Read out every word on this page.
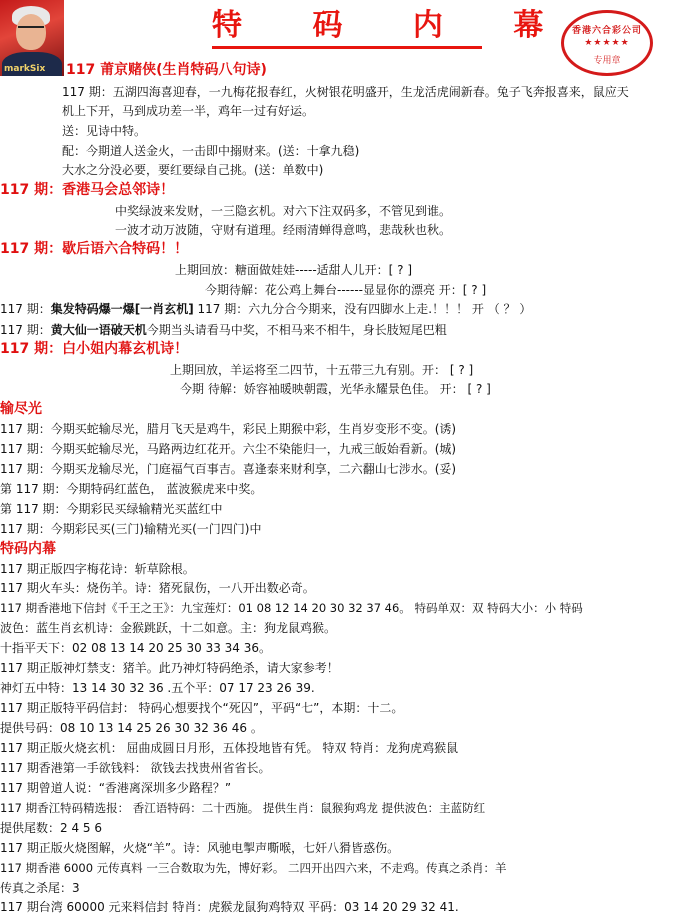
markSix
特 码 内 幕
香港六合彩公司
★★★★★
专用章
117 莆京赌侠(生肖特码八句诗)
117 期：五湖四海喜迎春，一九梅花报春红，火树银花明盛开，生龙活虎闹新春。兔子飞奔报喜来，鼠应天
机上下开，马到成功差一半，鸡年一过有好运。
送：见诗中特。
配：今期道人送金火，一击即中搦财来。(送：十拿九稳)
大水之分没必要，要红要绿自己挑。(送：单数中)
117 期：香港马会总邻诗！
中奖绿波来发财，一三隐玄机。对六下注双码多，不管见到谁。
一波才动万波随，守财有道理。经雨清蝉得意鸣，悲哉秋也秋。
117 期：歇后语六合特码！！
上期回放：糖面做娃娃-----适甜人儿开：[ ? ]
今期待解：花公鸡上舞台------显显你的漂亮 开：[ ? ]
117 期：集发特码爆一爆[一肖玄机] 117 期：六九分合今期来，没有四脚水上走.！！！ 开 （ ？ ）
117 期：黄大仙一语破天机今期当头请看马中奖，不相马来不相牛，身长肢短尾巴粗
117 期：白小姐内幕玄机诗！
上期回放，羊运将至二四节，十五带三九有别。开： [ ? ]
今期 待解：娇容袖暖映朝霞，光华永耀景色佳。 开： [ ? ]
输尽光
117 期：今期买蛇输尽光，腊月飞天是鸡牛，彩民上期猴中彩，生肖岁变形不变。(诱)
117 期：今期买蛇输尽光，马路两边红花开。六尘不染能归一，九戒三皈始看新。(城)
117 期：今期买龙输尽光，门庭福气百事吉。喜逢泰来财利享，二六翻山七涉水。(妥)
第 117 期：今期特码红蓝色， 蓝波猴虎来中奖。
第 117 期：今期彩民买绿输精光买蓝红中
117 期：今期彩民买(三门)输精光买(一门四门)中
特码内幕
117 期正版四字梅花诗：斩草除根。
117 期火车头：烧伤羊。诗：猪死鼠伤，一八开出数必奇。
117 期香港地下信封《千王之王》：九宝莲灯：01 08 12 14 20 30 32 37 46。 特码单双：双 特码大小：小 特码
波色：蓝生肖玄机诗：金猴跳跃，十二如意。主：狗龙鼠鸡猴。
十指平天下：02 08 13 14 20 25 30 33 34 36。
117 期正版神灯禁支：猪羊。此乃神灯特码绝杀，请大家参考！
神灯五中特：13 14 30 32 36 .五个平：07 17 23 26 39.
117 期正版特平码信封： 特码心想要找个“死囚”，平码“七”，本期：十二。
提供号码：08 10 13 14 25 26 30 32 36 46 。
117 期正版火烧玄机： 屈曲成圆日月形，五体投地皆有凭。 特双 特肖：龙狗虎鸡猴鼠
117 期香港第一手欲钱料： 欲钱去找贵州省省长。
117 期曾道人说：“香港离深圳多少路程？”
117 期香江特码精选报： 香江语特码：二十西施。 提供生肖：鼠猴狗鸡龙 提供波色：主蓝防红
提供尾数：2 4 5 6
117 期正版火烧图解，火烧“羊”。诗：风驰电掣声嘶喉，七奸八猾皆惑伤。
117 期香港 6000 元传真料 一三合数取为先，博好彩。 二四开出四六来，不走鸡。传真之杀肖：羊
传真之杀尾：3
117 期台湾 60000 元来料信封 特肖：虎猴龙鼠狗鸡特双 平码：03 14 20 29 32 41.
